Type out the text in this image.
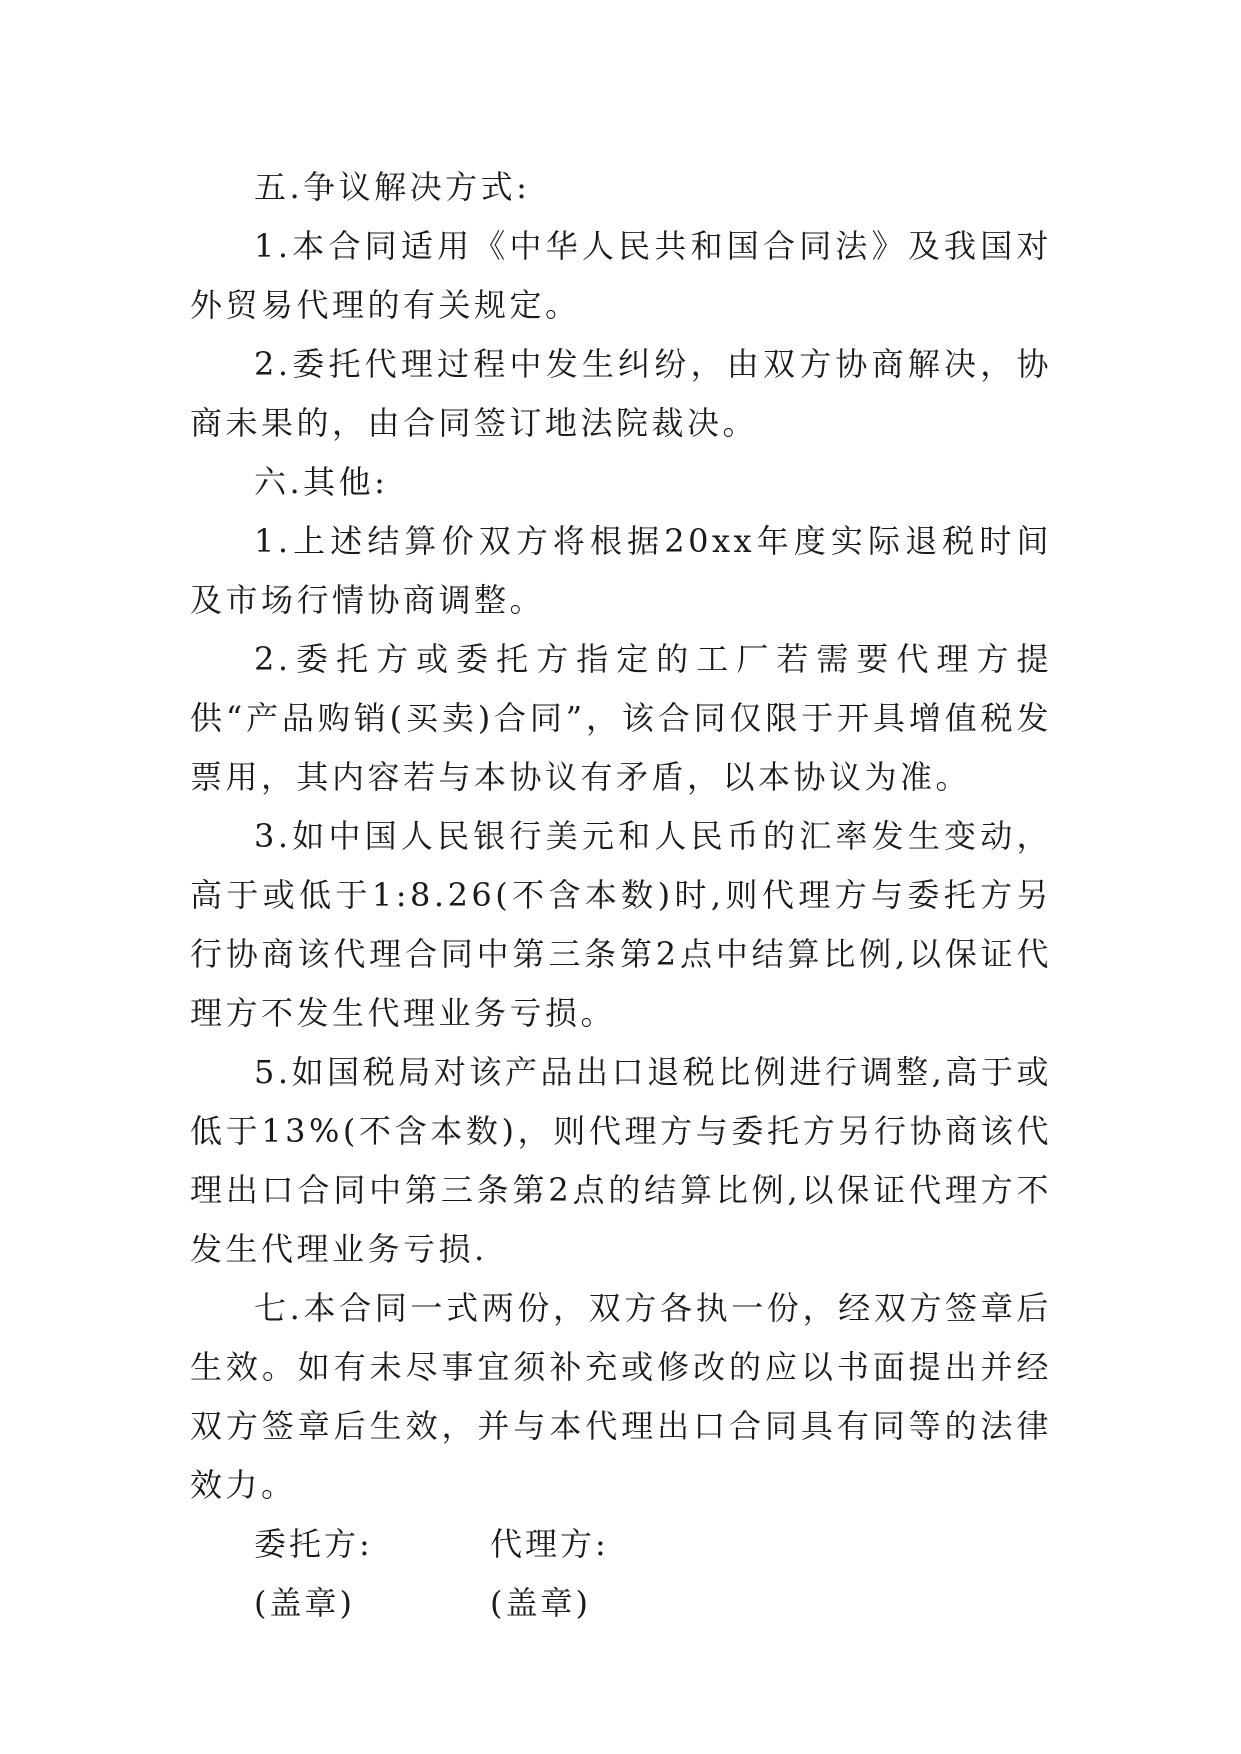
五.争议解决方式:

1.本合同适用《中华人民共和国合同法》及我国对外贸易代理的有关规定。

2.委托代理过程中发生纠纷，由双方协商解决，协商未果的，由合同签订地法院裁决。

六.其他:

1.上述结算价双方将根据20xx年度实际退税时间及市场行情协商调整。

2.委托方或委托方指定的工厂若需要代理方提供“产品购销(买卖)合同”，该合同仅限于开具增值税发票用，其内容若与本协议有矛盾，以本协议为准。

3.如中国人民银行美元和人民币的汇率发生变动，高于或低于1:8.26(不含本数)时,则代理方与委托方另行协商该代理合同中第三条第2点中结算比例,以保证代理方不发生代理业务亏损。

5.如国税局对该产品出口退税比例进行调整,高于或低于13%(不含本数)，则代理方与委托方另行协商该代理出口合同中第三条第2点的结算比例,以保证代理方不发生代理业务亏损.

七.本合同一式两份，双方各执一份，经双方签章后生效。如有未尽事宜须补充或修改的应以书面提出并经双方签章后生效，并与本代理出口合同具有同等的法律效力。

委托方:	代理方:
(盖章)	(盖章)
